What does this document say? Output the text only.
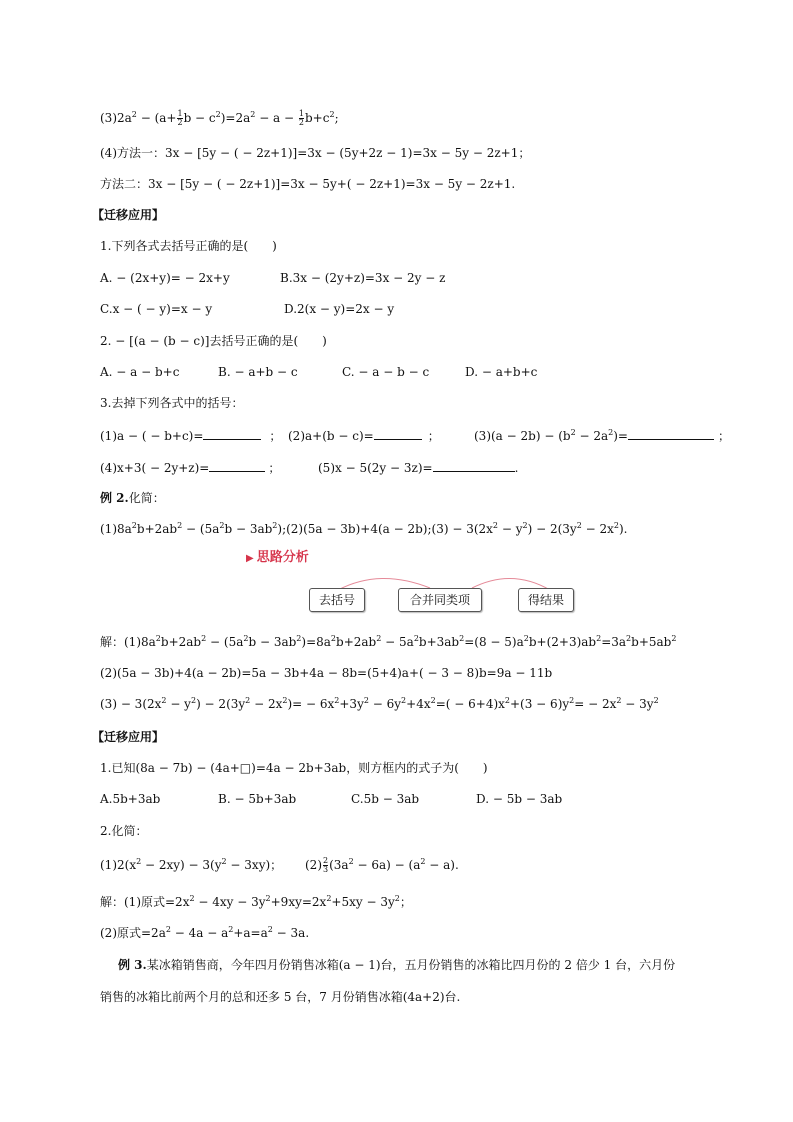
$(3)2a^2 - (a+ \frac{1}{2}$ $b - c^2)=2a^2 - a - \frac{1}{2} b+c^2$;
(4)方法一：3x − [5y − ( − 2z+1)]=3x − (5y+2z − 1)=3x − 5y − 2z+1；
方法二：3x − [5y − ( − 2z+1)]=3x − 5y+( − 2z+1)=3x − 5y − 2z+1.
【迁移应用】
1.下列各式去括号正确的是(　　)
A. − (2x+y)= − 2x+y	B.3x − (2y+z)=3x − 2y − z
C.x − ( − y)=x − y	D.2(x − y)=2x − y
2. − [(a − (b − c)]去括号正确的是(　　)
A. − a − b+c	B. − a+b − c	C. − a − b − c	D. − a+b+c
3.去掉下列各式中的括号：
(1)a − ( − b+c)=	； (2)a+(b − c)=	；	$(3)(a - 2b) - (b^2 - 2a^2)=$	；
(4)x+3( − 2y+z)=	；	(5)x − 5(2y − 3z)=	.
例 2.化简：
$(1)8a^2b+2ab^2 - (5a^2b$ − $3ab^2);(2)(5a - 3b)+4(a$ − 2b);(3) − $3(2x^2 - y^2) - 2(3y^2 - 2x^2)$.
▶ 思路分析
去括号	合并同类项	得结果
解：$(1)8a^2b+2ab^2 - (5a^2b - 3ab^2)=8a^2b+2ab^2 - 5a^2b+3ab^2=(8 - 5)a^2b+(2+3)ab^2=3a^2b+5ab^2$
(2)(5a − 3b)+4(a − 2b)=5a − 3b+4a − 8b=(5+4)a+( − 3 − 8)b=9a − 11b
$(3) - 3(2x^2 - y^2) - 2(3y^2 - 2x^2)= - 6x^2+3y^2 - 6y^2+4x^2=( - 6+4)x^2+(3 - 6)y^2= - 2x^2 - 3y^2$
【迁移应用】
1.已知(8a − 7b) − (4a+□)=4a − 2b+3ab，则方框内的式子为(　　)
A.5b+3ab	B. − 5b+3ab	C.5b − 3ab	D. − 5b − 3ab
2.化简：
$(1)2(x^2 - 2xy) - 3(y^2 - 3xy)$； $(2) \frac{2}{3} (3a^2 - 6a) - (a^2 - a)$.
解：(1)原式$=2x^2 - 4xy - 3y^2+9xy=2x^2+5xy - 3y^2$；
(2)原式$=2a^2 - 4a - a^2+a=a^2 - 3a$.
例 3.某冰箱销售商，今年四月份销售冰箱(a − 1)台，五月份销售的冰箱比四月份的 2 倍少 1 台，六月份
销售的冰箱比前两个月的总和还多 5 台，7 月份销售冰箱(4a+2)台.
